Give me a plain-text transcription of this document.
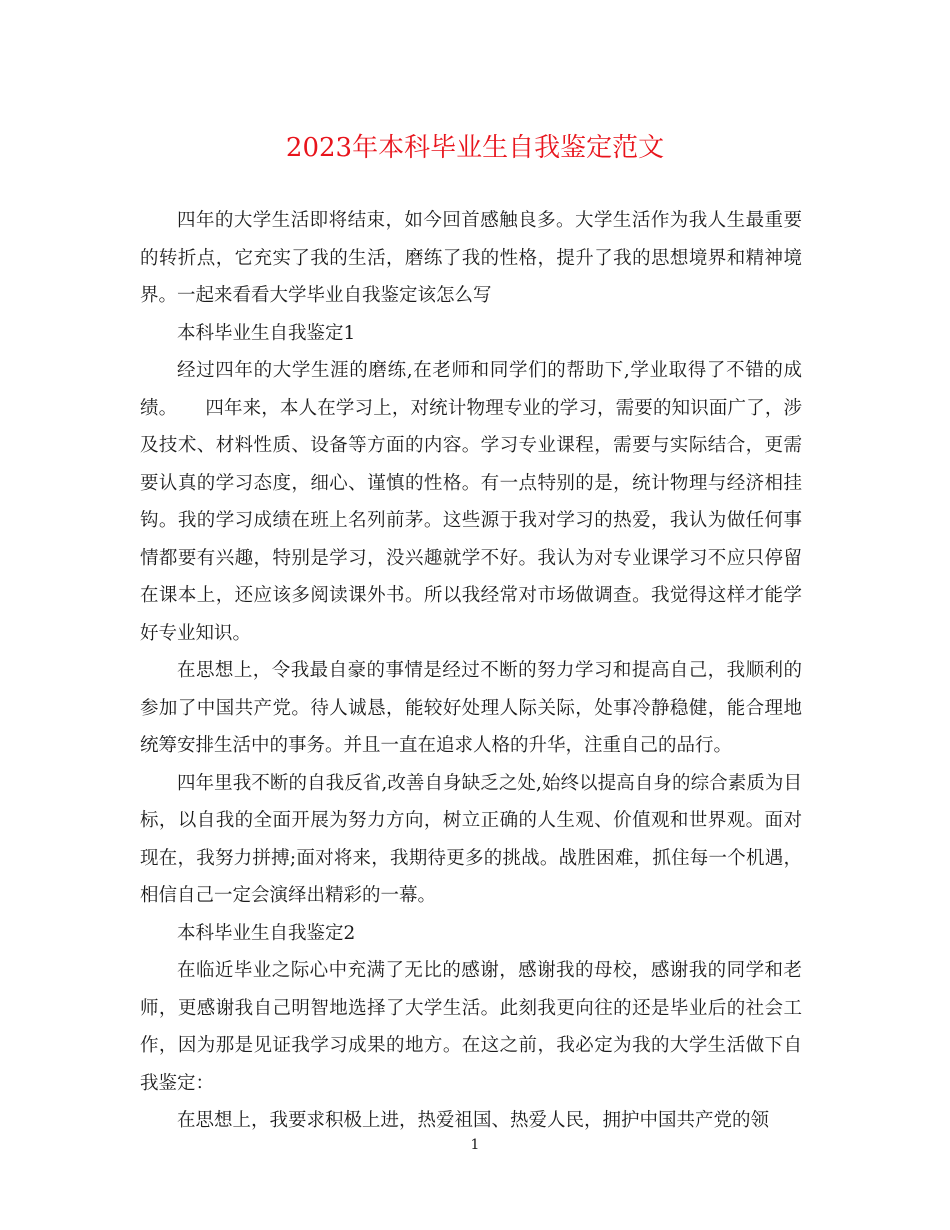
2023年本科毕业生自我鉴定范文

四年的大学生活即将结束，如今回首感触良多。大学生活作为我人生最重要的转折点，它充实了我的生活，磨练了我的性格，提升了我的思想境界和精神境界。一起来看看大学毕业自我鉴定该怎么写

本科毕业生自我鉴定1

经过四年的大学生涯的磨练,在老师和同学们的帮助下,学业取得了不错的成绩。　　四年来，本人在学习上，对统计物理专业的学习，需要的知识面广了，涉及技术、材料性质、设备等方面的内容。学习专业课程，需要与实际结合，更需要认真的学习态度，细心、谨慎的性格。有一点特别的是，统计物理与经济相挂钩。我的学习成绩在班上名列前茅。这些源于我对学习的热爱，我认为做任何事情都要有兴趣，特别是学习，没兴趣就学不好。我认为对专业课学习不应只停留在课本上，还应该多阅读课外书。所以我经常对市场做调查。我觉得这样才能学好专业知识。

在思想上，令我最自豪的事情是经过不断的努力学习和提高自己，我顺利的参加了中国共产党。待人诚恳，能较好处理人际关际，处事冷静稳健，能合理地统筹安排生活中的事务。并且一直在追求人格的升华，注重自己的品行。

四年里我不断的自我反省,改善自身缺乏之处,始终以提高自身的综合素质为目标，以自我的全面开展为努力方向，树立正确的人生观、价值观和世界观。面对现在，我努力拼搏;面对将来，我期待更多的挑战。战胜困难，抓住每一个机遇，相信自己一定会演绎出精彩的一幕。

本科毕业生自我鉴定2

在临近毕业之际心中充满了无比的感谢，感谢我的母校，感谢我的同学和老师，更感谢我自己明智地选择了大学生活。此刻我更向往的还是毕业后的社会工作，因为那是见证我学习成果的地方。在这之前，我必定为我的大学生活做下自我鉴定：

在思想上，我要求积极上进，热爱祖国、热爱人民，拥护中国共产党的领

1
